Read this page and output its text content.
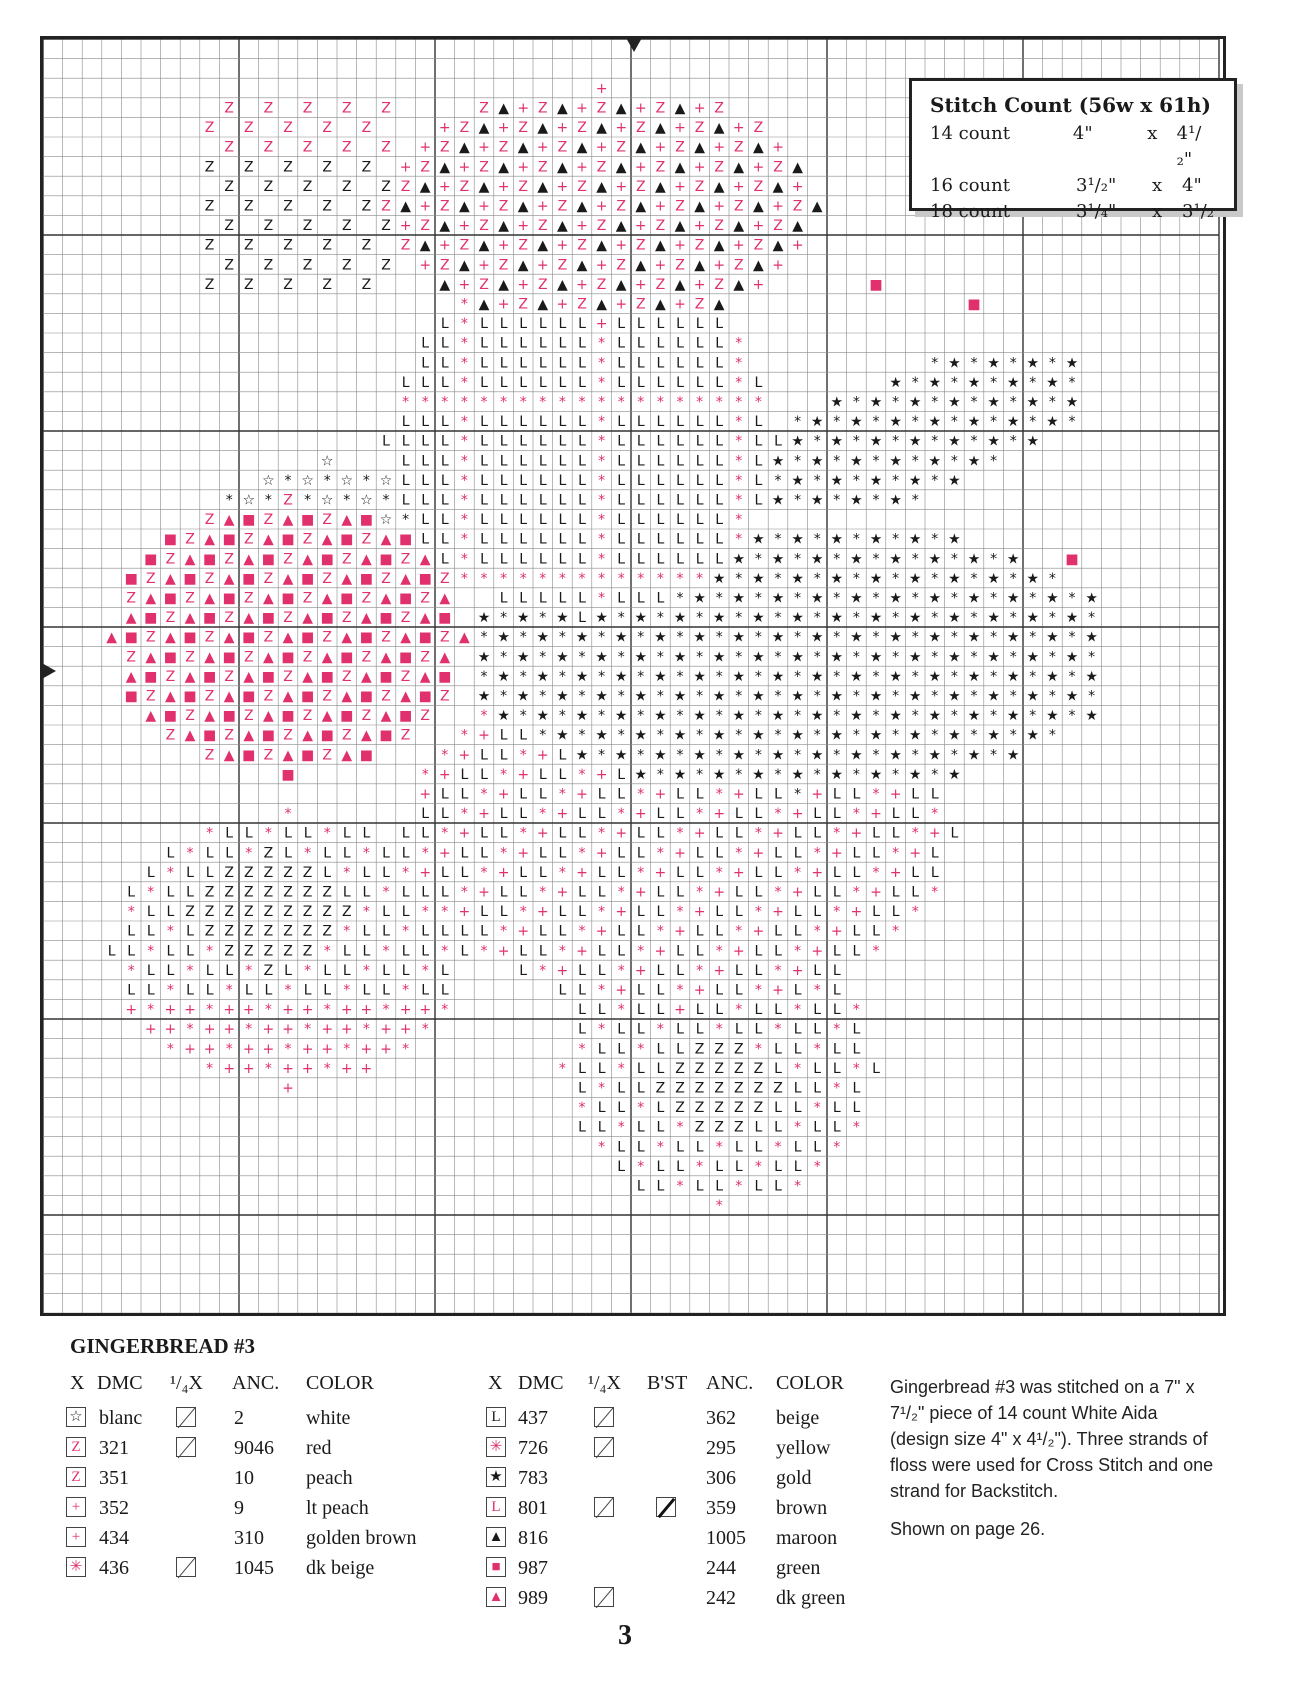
+
Z Z Z Z Z	Z ▲ + Z ▲ + Z ▲ + Z ▲ + Z
Z Z Z Z Z	+ Z ▲ + Z ▲ + Z ▲ + Z ▲ + Z ▲ + Z
Z Z Z Z Z + Z ▲ + Z ▲ + Z ▲ + Z ▲ + Z ▲ + Z ▲ +
Z Z Z Z Z + Z ▲ + Z ▲ + Z ▲ + Z ▲ + Z ▲ + Z ▲ + Z ▲
Z Z Z Z Z Z ▲ + Z ▲ + Z ▲ + Z ▲ + Z ▲ + Z ▲ + Z ▲ +
Z Z Z Z Z Z ▲ + Z ▲ + Z ▲ + Z ▲ + Z ▲ + Z ▲ + Z ▲ + Z ▲
Z Z Z Z Z + Z ▲ + Z ▲ + Z ▲ + Z ▲ + Z ▲ + Z ▲ + Z ▲
Z Z Z Z Z Z ▲ + Z ▲ + Z ▲ + Z ▲ + Z ▲ + Z ▲ + Z ▲ +
Z Z Z Z Z + Z ▲ + Z ▲ + Z ▲ + Z ▲ + Z ▲ + Z ▲ +
Z Z Z Z Z	▲ + Z ▲ + Z ▲ + Z ▲ + Z ▲ + Z ▲ +	■
* ▲ + Z ▲ + Z ▲ + Z ▲ + Z ▲	■
L * L L L L L L + L L L L L L
L L * L L L L L L * L L L L L L *
L L * L L L L L L * L L L L L L *	* ★ * ★ * ★ * ★
L L L * L L L L L L * L L L L L L * L	★ * ★ * ★ * ★ * ★ *
* * * * * * * * * * * * * * * * * * *	★ * ★ * ★ * ★ * ★ * ★ * ★
L L L * L L L L L L * L L L L L L * L * ★ * ★ * ★ * ★ * ★ * ★ * ★ *
L L L L * L L L L L L * L L L L L L * L L ★ * ★ * ★ * ★ * ★ * ★ * ★
☆	L L L * L L L L L L * L L L L L L * L ★ * ★ * ★ * ★ * ★ * ★ *
☆ * ☆ * ☆ * ☆ L L L * L L L L L L * L L L L L L * L * ★ * ★ * ★ * ★ * ★
* ☆ * Z * ☆ * ☆ * L L L * L L L L L L * L L L L L L * L ★ * ★ * ★ * ★ *
Z ▲ ■ Z ▲ ■ Z ▲ ■ ☆ * L L * L L L L L L * L L L L L L *
■ Z ▲ ■ Z ▲ ■ Z ▲ ■ Z ▲ ■ L L * L L L L L L * L L L L L L * ★ * ★ * ★ * ★ * ★ * ★
■ Z ▲ ■ Z ▲ ■ Z ▲ ■ Z ▲ ■ Z ▲ L * L L L L L L * L L L L L L ★ * ★ * ★ * ★ * ★ * ★ * ★ * ★	■
■ Z ▲ ■ Z ▲ ■ Z ▲ ■ Z ▲ ■ Z ▲ ■ Z * * * * * * * * * * * * * ★ * ★ * ★ * ★ * ★ * ★ * ★ * ★ * ★ *
Z ▲ ■ Z ▲ ■ Z ▲ ■ Z ▲ ■ Z ▲ ■ Z ▲	L L L L L * L L L * ★ * ★ * ★ * ★ * ★ * ★ * ★ * ★ * ★ * ★ * ★
▲ ■ Z ▲ ■ Z ▲ ■ Z ▲ ■ Z ▲ ■ Z ▲ ■ ★ * ★ * ★ L ★ * ★ * ★ * ★ * ★ * ★ * ★ * ★ * ★ * ★ * ★ * ★ * ★ *
▲ ■ Z ▲ ■ Z ▲ ■ Z ▲ ■ Z ▲ ■ Z ▲ ■ Z ▲ * ★ * ★ * ★ * ★ * ★ * ★ * ★ * ★ * ★ * ★ * ★ * ★ * ★ * ★ * ★ * ★
Z ▲ ■ Z ▲ ■ Z ▲ ■ Z ▲ ■ Z ▲ ■ Z ▲ ★ * ★ * ★ * ★ * ★ * ★ * ★ * ★ * ★ * ★ * ★ * ★ * ★ * ★ * ★ * ★ *
▲ ■ Z ▲ ■ Z ▲ ■ Z ▲ ■ Z ▲ ■ Z ▲ ■ * ★ * ★ * ★ * ★ * ★ * ★ * ★ * ★ * ★ * ★ * ★ * ★ * ★ * ★ * ★ * ★
■ Z ▲ ■ Z ▲ ■ Z ▲ ■ Z ▲ ■ Z ▲ ■ Z ★ * ★ * ★ * ★ * ★ * ★ * ★ * ★ * ★ * ★ * ★ * ★ * ★ * ★ * ★ * ★ *
▲ ■ Z ▲ ■ Z ▲ ■ Z ▲ ■ Z ▲ ■ Z	* ★ * ★ * ★ * ★ * ★ * ★ * ★ * ★ * ★ * ★ * ★ * ★ * ★ * ★ * ★ * ★
Z ▲ ■ Z ▲ ■ Z ▲ ■ Z ▲ ■ Z	* + L L * ★ * ★ * ★ * ★ * ★ * ★ * ★ * ★ * ★ * ★ * ★ * ★ * ★ *
Z ▲ ■ Z ▲ ■ Z ▲ ■	* + L L * + L ★ * ★ * ★ * ★ * ★ * ★ * ★ * ★ * ★ * ★ * ★ * ★
■	* + L L * + L L * + L ★ * ★ * ★ * ★ * ★ * ★ * ★ * ★ * ★
+ L L * + L L * + L L * + L L * + L L * + L L * + L L
*	L L * + L L * + L L * + L L * + L L * + L L * + L L *
* L L * L L * L L L L * + L L * + L L * + L L * + L L * + L L * + L L * + L
L * L L * Z L * L L * L L * + L L * + L L * + L L * + L L * + L L * + L L * + L
L * L L Z Z Z Z Z L * L L * + L L * + L L * + L L * + L L * + L L * + L L * + L L
L * L L Z Z Z Z Z Z Z L L * L L L * + L L * + L L * + L L * + L L * + L L * + L L *
* L L Z Z Z Z Z Z Z Z Z * L L * * + L L * + L L * + L L * + L L * + L L * + L L *
L L * L Z Z Z Z Z Z Z * L L * L L L L * + L L * + L L * + L L * + L L * + L L *
L L * L L * Z Z Z Z Z * L L * L L * L * + L L * + L L * + L L * + L L * + L L *
* L L * L L * Z L * L L * L L * L	L * + L L * + L L * + L L * + L L
L L * L L * L L * L L * L L * L L	L L * + L L * + L L * + L * L
+ * + + * + + * + + * + + * + + *	L L * L L + L L * L L * L L *
+ + * + + * + + * + + * + + *	L * L L * L L * L L * L L * L
* + + * + + * + + * + + *	* L L * L L Z Z Z * L L * L L
* + + * + + * + +	* L L * L L Z Z Z Z Z L * L L * L
+	L * L L Z Z Z Z Z Z Z L L * L
* L L * L Z Z Z Z Z L L * L L
L L * L L * Z Z Z L L * L L *
* L L * L L * L L * L L *
L * L L * L L * L L *
L L * L L * L L *
*
Stitch Count (56w x 61h)
14 count	4"	x	4¹/₂"
16 count	3¹/₂"	x	4"
18 count	3¹/₄"	x	3¹/₂
GINGERBREAD #3
X DMC ¹/₄X ANC. COLOR
☆ blanc	2	white
Z 321	9046 red
Z 351	10	peach
+ 352	9	lt peach
+ 434	310 golden brown
✳ 436	1045 dk beige
X DMC ¹/₄X B'ST ANC. COLOR
L 437	362 beige
✳ 726	295 yellow
★ 783	306 gold
L 801	359 brown
▲ 816	1005 maroon
■ 987	244 green
▲ 989	242 dk green

Gingerbread #3 was stitched on a 7" x 7¹/₂" piece of 14 count White Aida (design size 4" x 4¹/₂"). Three strands of floss were used for Cross Stitch and one strand for Backstitch.

Shown on page 26.

3
